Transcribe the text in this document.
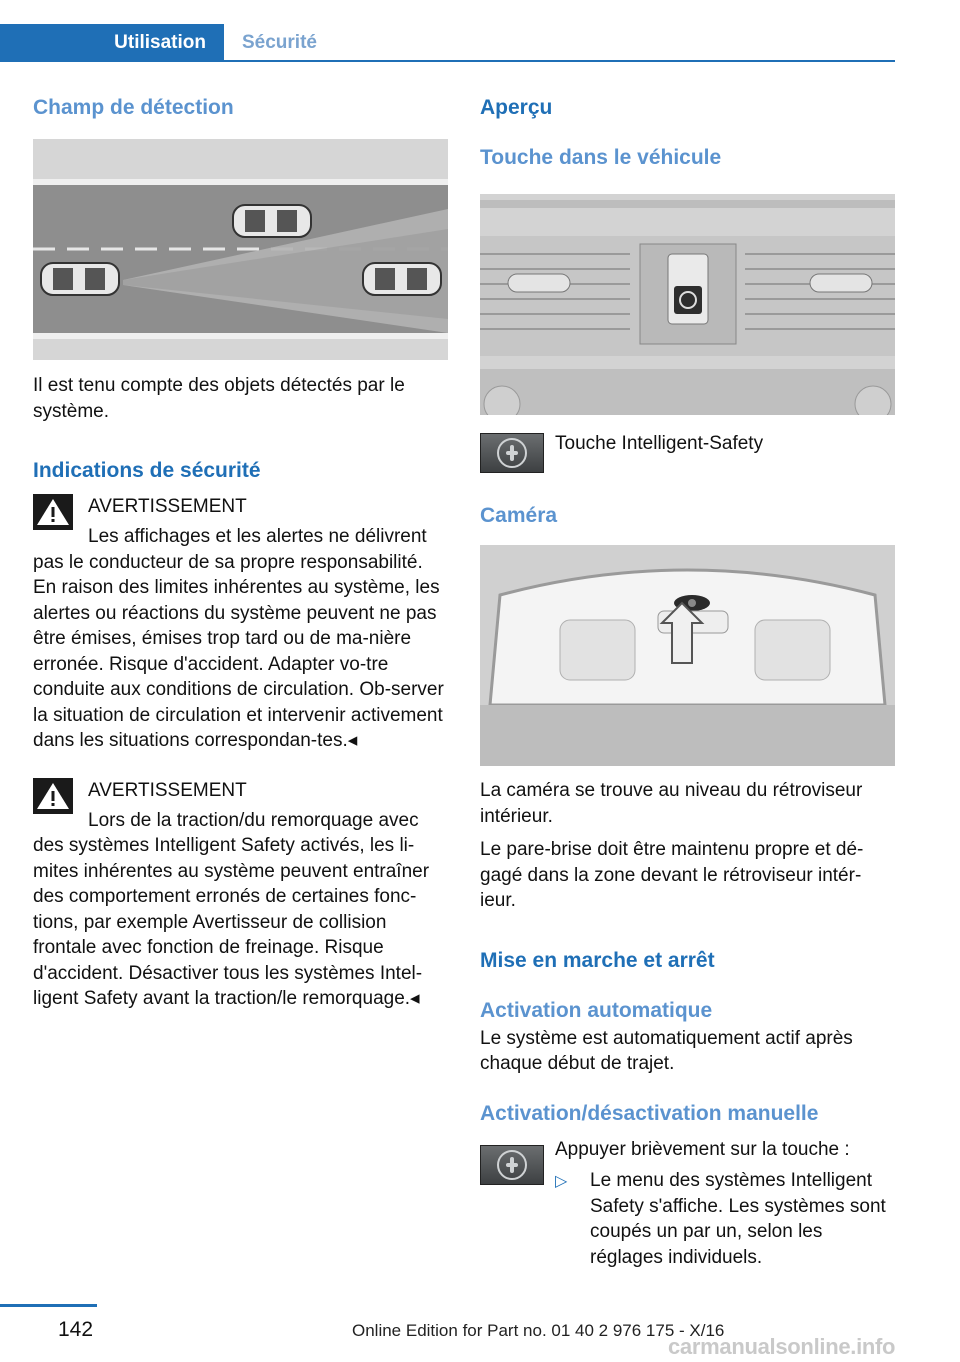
Utilisation	Sécurité
Champ de détection
Il est tenu compte des objets détectés par le système.
Indications de sécurité
AVERTISSEMENT
Les affichages et les alertes ne délivrent
pas le conducteur de sa propre responsabilité. En raison des limites inhérentes au système, les alertes ou réactions du système peuvent ne pas être émises, émises trop tard ou de ma-nière erronée. Risque d'accident. Adapter vo-tre conduite aux conditions de circulation. Ob-server la situation de circulation et intervenir activement dans les situations correspondan-tes.◂
AVERTISSEMENT
Lors de la traction/du remorquage avec
des systèmes Intelligent Safety activés, les li-mites inhérentes au système peuvent entraîner des comportement erronés de certaines fonc-tions, par exemple Avertisseur de collision frontale avec fonction de freinage. Risque d'accident. Désactiver tous les systèmes Intel-ligent Safety avant la traction/le remorquage.◂
Aperçu
Touche dans le véhicule
Touche Intelligent-Safety
Caméra
La caméra se trouve au niveau du rétroviseur intérieur.
Le pare-brise doit être maintenu propre et dé-gagé dans la zone devant le rétroviseur intér-ieur.
Mise en marche et arrêt
Activation automatique
Le système est automatiquement actif après chaque début de trajet.
Activation/désactivation manuelle
Appuyer brièvement sur la touche :
▷ Le menu des systèmes Intelligent Safety s'affiche. Les systèmes sont coupés un par un, selon les réglages individuels.
142	Online Edition for Part no. 01 40 2 976 175 - X/16
carmanualsonline.info
